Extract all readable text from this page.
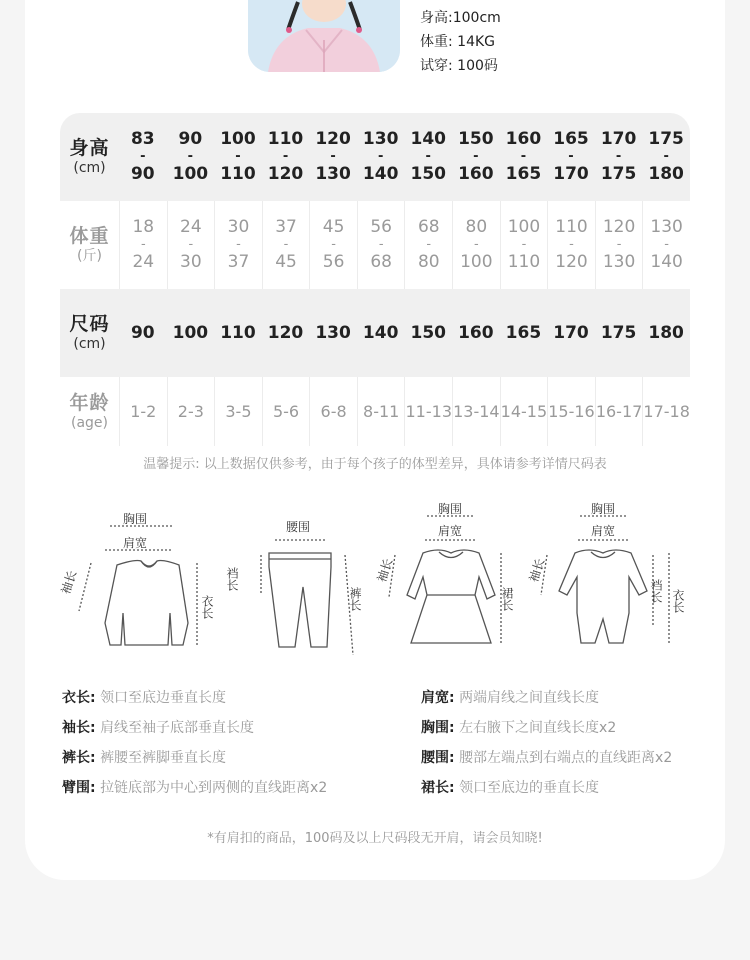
身高:100cm
体重: 14KG
试穿: 100码
身高
(cm)
83
-
90
90
-
100
100
-
110
110
-
120
120
-
130
130
-
140
140
-
150
150
-
160
160
-
165
165
-
170
170
-
175
175
-
180
体重
(斤)
18
-
24
24
-
30
30
-
37
37
-
45
45
-
56
56
-
68
68
-
80
80
-
100
100
-
110
110
-
120
120
-
130
130
-
140
尺码
(cm)
90 100 110 120 130 140 150 160 165 170 175 180
年龄
(age)
1-2 2-3 3-5 5-6 6-8 8-11 11-13 13-14 14-15 15-16 16-17 17-18
温馨提示: 以上数据仅供参考，由于每个孩子的体型差异，具体请参考详情尺码表
胸围
肩宽
袖长
衣长
腰围
裆长
裤长
胸围
肩宽
袖长
裙长
胸围
肩宽
袖长
裆长 衣长
衣长: 领口至底边垂直长度
袖长: 肩线至袖子底部垂直长度
裤长: 裤腰至裤脚垂直长度
臂围: 拉链底部为中心到两侧的直线距离x2
肩宽: 两端肩线之间直线长度
胸围: 左右腋下之间直线长度x2
腰围: 腰部左端点到右端点的直线距离x2
裙长: 领口至底边的垂直长度
*有肩扣的商品，100码及以上尺码段无开肩，请会员知晓!
